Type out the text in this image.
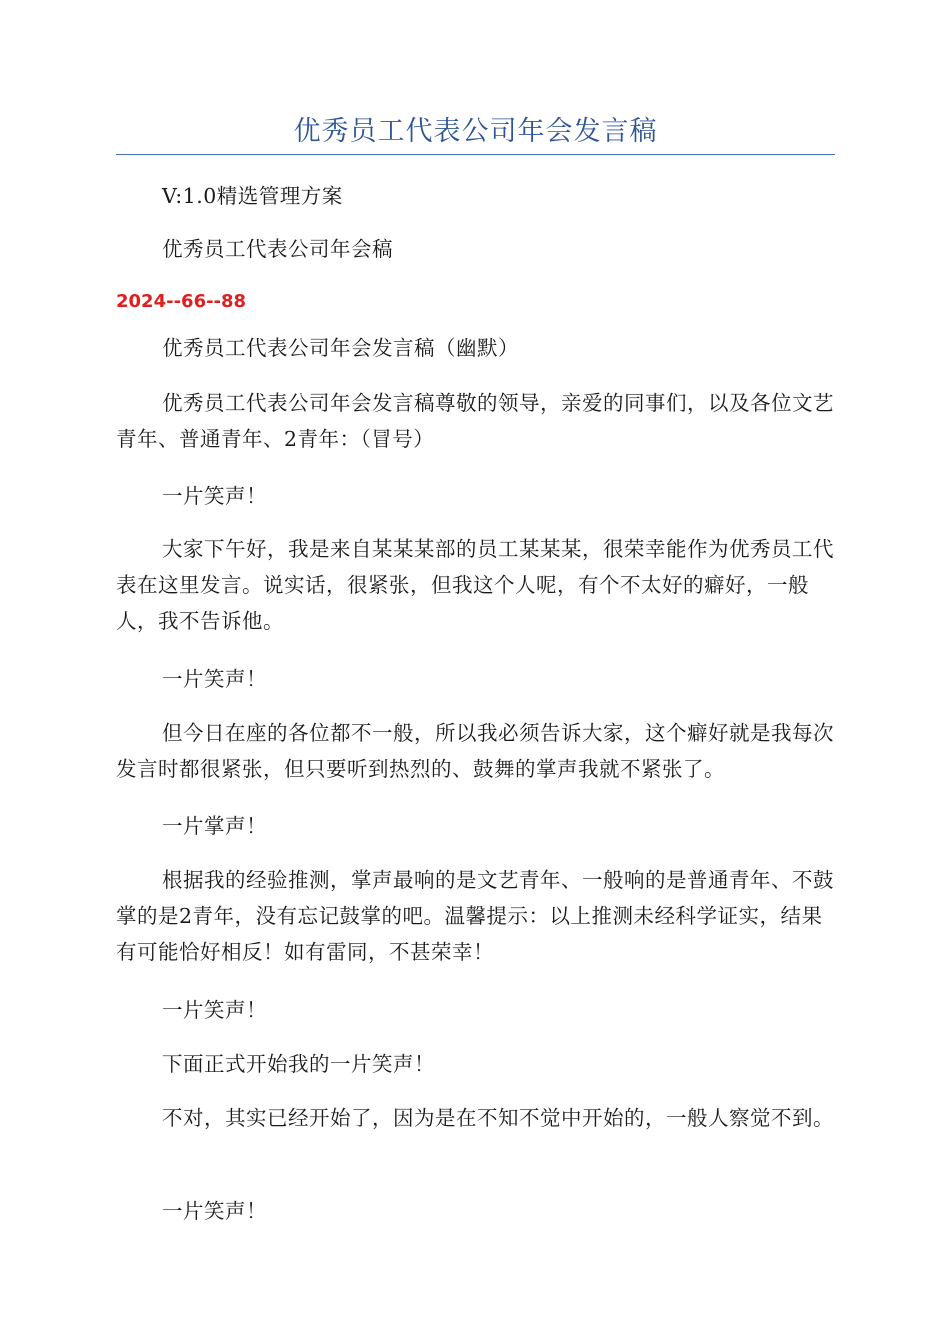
优秀员工代表公司年会发言稿

V:1.0精选管理方案

优秀员工代表公司年会稿

2024--66--88

优秀员工代表公司年会发言稿（幽默）

优秀员工代表公司年会发言稿尊敬的领导，亲爱的同事们，以及各位文艺青年、普通青年、2青年：（冒号）

一片笑声！

大家下午好，我是来自某某某部的员工某某某，很荣幸能作为优秀员工代表在这里发言。说实话，很紧张，但我这个人呢，有个不太好的癖好，一般人，我不告诉他。

一片笑声！

但今日在座的各位都不一般，所以我必须告诉大家，这个癖好就是我每次发言时都很紧张，但只要听到热烈的、鼓舞的掌声我就不紧张了。

一片掌声！

根据我的经验推测，掌声最响的是文艺青年、一般响的是普通青年、不鼓掌的是2青年，没有忘记鼓掌的吧。温馨提示：以上推测未经科学证实，结果有可能恰好相反！如有雷同，不甚荣幸！

一片笑声！

下面正式开始我的一片笑声！

不对，其实已经开始了，因为是在不知不觉中开始的，一般人察觉不到。

一片笑声！
